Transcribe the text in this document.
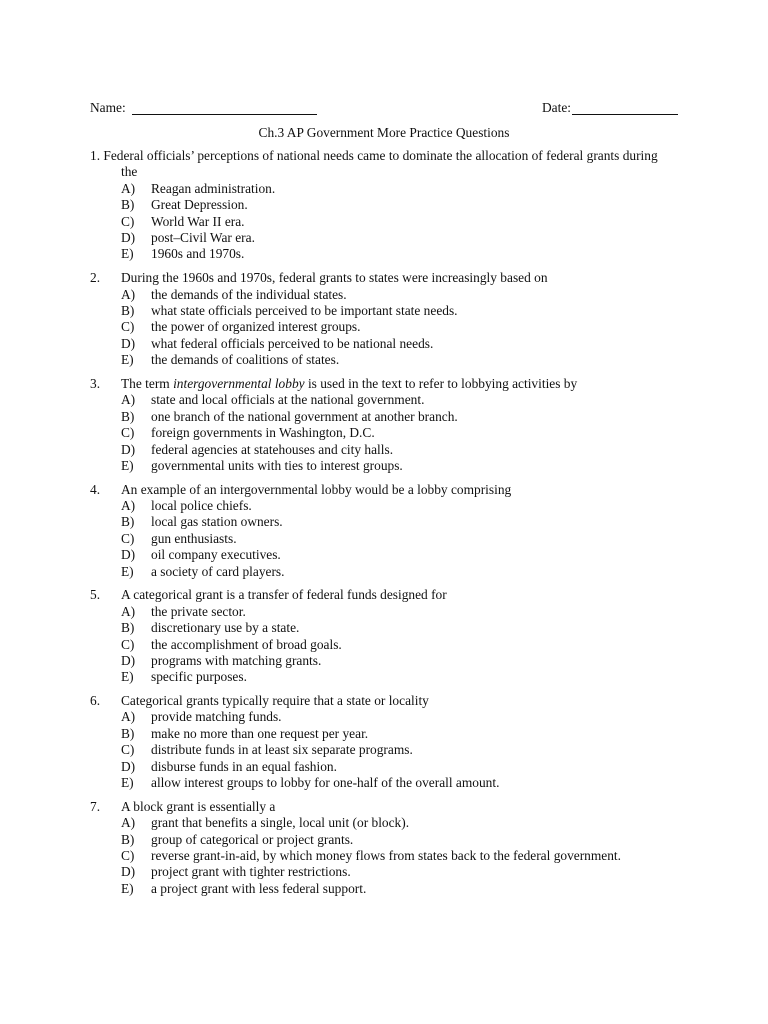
Name:	Date:
Ch.3 AP Government More Practice Questions
1. Federal officials’ perceptions of national needs came to dominate the allocation of federal grants during
the
A)	Reagan administration.
B)	Great Depression.
C)	World War II era.
D)	post–Civil War era.
E)	1960s and 1970s.
2.	During the 1960s and 1970s, federal grants to states were increasingly based on
A)	the demands of the individual states.
B)	what state officials perceived to be important state needs.
C)	the power of organized interest groups.
D)	what federal officials perceived to be national needs.
E)	the demands of coalitions of states.
3.	The term intergovernmental lobby is used in the text to refer to lobbying activities by
A)	state and local officials at the national government.
B)	one branch of the national government at another branch.
C)	foreign governments in Washington, D.C.
D)	federal agencies at statehouses and city halls.
E)	governmental units with ties to interest groups.
4.	An example of an intergovernmental lobby would be a lobby comprising
A)	local police chiefs.
B)	local gas station owners.
C)	gun enthusiasts.
D)	oil company executives.
E)	a society of card players.
5.	A categorical grant is a transfer of federal funds designed for
A)	the private sector.
B)	discretionary use by a state.
C)	the accomplishment of broad goals.
D)	programs with matching grants.
E)	specific purposes.
6.	Categorical grants typically require that a state or locality
A)	provide matching funds.
B)	make no more than one request per year.
C)	distribute funds in at least six separate programs.
D)	disburse funds in an equal fashion.
E)	allow interest groups to lobby for one-half of the overall amount.
7.	A block grant is essentially a
A)	grant that benefits a single, local unit (or block).
B)	group of categorical or project grants.
C)	reverse grant-in-aid, by which money flows from states back to the federal government.
D)	project grant with tighter restrictions.
E)	a project grant with less federal support.
